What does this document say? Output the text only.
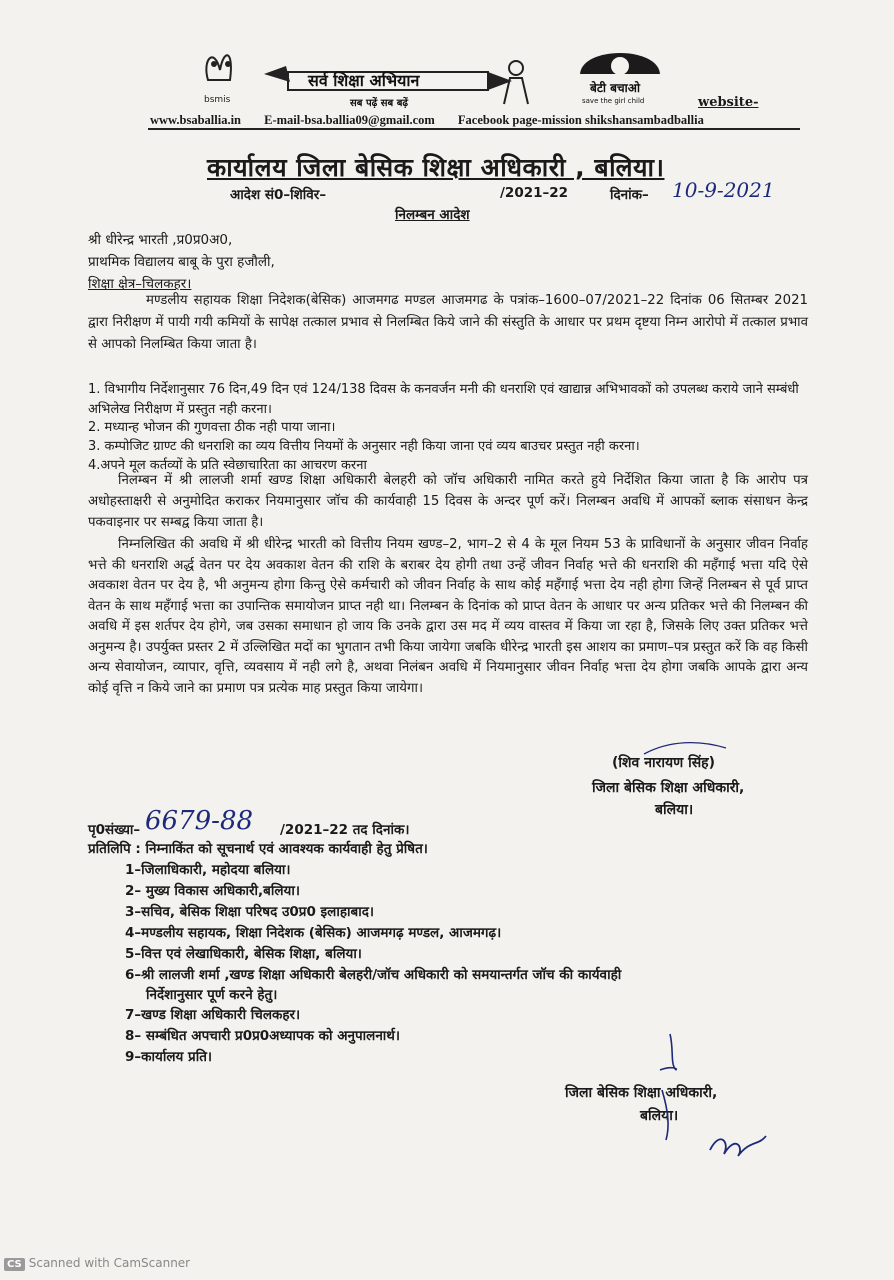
bsmis
सर्व शिक्षा अभियान
सब पढ़ें सब बढ़ें
बेटी बचाओ
save the girl child	website-
www.bsaballia.in E-mail-bsa.ballia09@gmail.com Facebook page-mission shikshansambadballia
कार्यालय जिला बेसिक शिक्षा अधिकारी , बलिया।
आदेश सं0–शिविर–	/2021–22	दिनांक– 10-9-2021
निलम्बन आदेश
श्री धीरेन्द्र भारती ,प्र0प्र0अ0,
प्राथमिक विद्यालय बाबू के पुरा हजौली,
शिक्षा क्षेत्र–चिलकहर।
मण्डलीय सहायक शिक्षा निदेशक(बेसिक) आजमगढ मण्डल आजमगढ के पत्रांक–1600–07/2021–22 दिनांक 06 सितम्बर 2021 द्वारा निरीक्षण में पायी गयी कमियों के सापेक्ष तत्काल प्रभाव से निलम्बित किये जाने की संस्तुति के आधार पर प्रथम दृष्टया निम्न आरोपो में तत्काल प्रभाव से आपको निलम्बित किया जाता है।
1. विभागीय निर्देशानुसार 76 दिन,49 दिन एवं 124/138 दिवस के कनवर्जन मनी की धनराशि एवं खाद्यान्न अभिभावकों को उपलब्ध कराये जाने सम्बंधी अभिलेख निरीक्षण में प्रस्तुत नही करना।
2. मध्यान्ह भोजन की गुणवत्ता ठीक नही पाया जाना।
3. कम्पोजिट ग्राण्ट की धनराशि का व्यय वित्तीय नियमों के अनुसार नही किया जाना एवं व्यय बाउचर प्रस्तुत नही करना।
4.अपने मूल कर्तव्यों के प्रति स्वेछाचारिता का आचरण करना
निलम्बन में श्री लालजी शर्मा खण्ड शिक्षा अधिकारी बेलहरी को जॉच अधिकारी नामित करते हुये निर्देशित किया जाता है कि आरोप पत्र अधोहस्ताक्षरी से अनुमोदित कराकर नियमानुसार जॉच की कार्यवाही 15 दिवस के अन्दर पूर्ण करें। निलम्बन अवधि में आपकों ब्लाक संसाधन केन्द्र पकवाइनार पर सम्बद्व किया जाता है।
निम्नलिखित की अवधि में श्री धीरेन्द्र भारती को वित्तीय नियम खण्ड–2, भाग–2 से 4 के मूल नियम 53 के प्राविधानों के अनुसार जीवन निर्वाह भत्ते की धनराशि अर्द्ध वेतन पर देय अवकाश वेतन की राशि के बराबर देय होगी तथा उन्हें जीवन निर्वाह भत्ते की धनराशि की महँगाई भत्ता यदि ऐसे अवकाश वेतन पर देय है, भी अनुमन्य होगा किन्तु ऐसे कर्मचारी को जीवन निर्वाह के साथ कोई महँगाई भत्ता देय नही होगा जिन्हें निलम्बन से पूर्व प्राप्त वेतन के साथ महँगाई भत्ता का उपान्तिक समायोजन प्राप्त नही था। निलम्बन के दिनांक को प्राप्त वेतन के आधार पर अन्य प्रतिकर भत्ते की निलम्बन की अवधि में इस शर्तपर देय होगे, जब उसका समाधान हो जाय कि उनके द्वारा उस मद में व्यय वास्तव में किया जा रहा है, जिसके लिए उक्त प्रतिकर भत्ते अनुमन्य है। उपर्युक्त प्रस्तर 2 में उल्लिखित मदों का भुगतान तभी किया जायेगा जबकि धीरेन्द्र भारती इस आशय का प्रमाण–पत्र प्रस्तुत करें कि वह किसी अन्य सेवायोजन, व्यापार, वृत्ति, व्यवसाय में नही लगे है, अथवा निलंबन अवधि में नियमानुसार जीवन निर्वाह भत्ता देय होगा जबकि आपके द्वारा अन्य कोई वृत्ति न किये जाने का प्रमाण पत्र प्रत्येक माह प्रस्तुत किया जायेगा।
(शिव नारायण सिंह)
जिला बेसिक शिक्षा अधिकारी,
बलिया।
पृ0संख्या– 6679-88 /2021–22 तद दिनांक।
प्रतिलिपि : निम्नाकिंत को सूचनार्थ एवं आवश्यक कार्यवाही हेतु प्रेषित।
1–जिलाधिकारी, महोदया बलिया।
2– मुख्य विकास अधिकारी,बलिया।
3–सचिव, बेसिक शिक्षा परिषद उ0प्र0 इलाहाबाद।
4–मण्डलीय सहायक, शिक्षा निदेशक (बेसिक) आजमगढ़ मण्डल, आजमगढ़।
5–वित्त एवं लेखाधिकारी, बेसिक शिक्षा, बलिया।
6–श्री लालजी शर्मा ,खण्ड शिक्षा अधिकारी बेलहरी/जॉच अधिकारी को समयान्तर्गत जॉच की कार्यवाही
निर्देशानुसार पूर्ण करने हेतु।
7–खण्ड शिक्षा अधिकारी चिलकहर।
8– सम्बंधित अपचारी प्र0प्र0अध्यापक को अनुपालनार्थ।
9–कार्यालय प्रति।
जिला बेसिक शिक्षा अधिकारी,
बलिया।
CS Scanned with CamScanner
